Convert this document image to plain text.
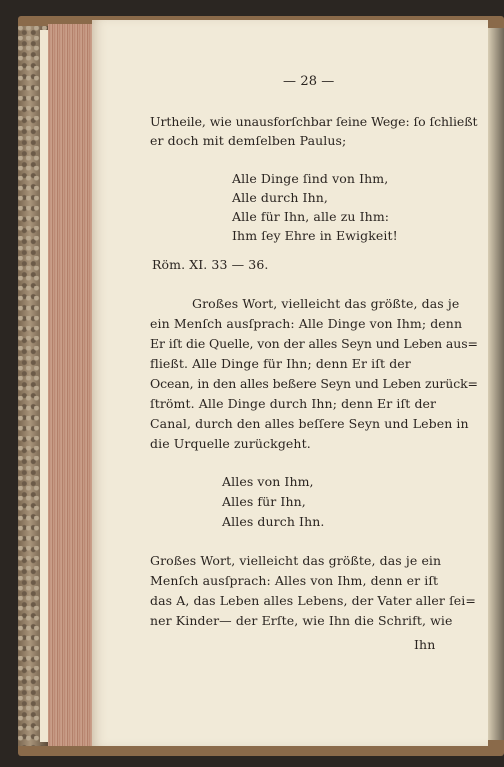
— 28 —
Urtheile, wie unausforſchbar ſeine Wege: ſo ſchließt
er doch mit demſelben Paulus;
Alle Dinge ſind von Ihm,
Alle durch Ihn,
Alle für Ihn, alle zu Ihm:
Ihm ſey Ehre in Ewigkeit!
Röm. XI. 33 — 36.
Großes Wort, vielleicht das größte, das je
ein Menſch ausſprach: Alle Dinge von Ihm; denn
Er iſt die Quelle, von der alles Seyn und Leben aus=
fließt. Alle Dinge für Ihn; denn Er iſt der
Ocean, in den alles beßere Seyn und Leben zurück=
ſtrömt. Alle Dinge durch Ihn; denn Er iſt der
Canal, durch den alles beſſere Seyn und Leben in
die Urquelle zurückgeht.
Alles von Ihm,
Alles für Ihn,
Alles durch Ihn.
Großes Wort, vielleicht das größte, das je ein
Menſch ausſprach: Alles von Ihm, denn er iſt
das A, das Leben alles Lebens, der Vater aller ſei=
ner Kinder— der Erſte, wie Ihn die Schrift, wie
Ihn
